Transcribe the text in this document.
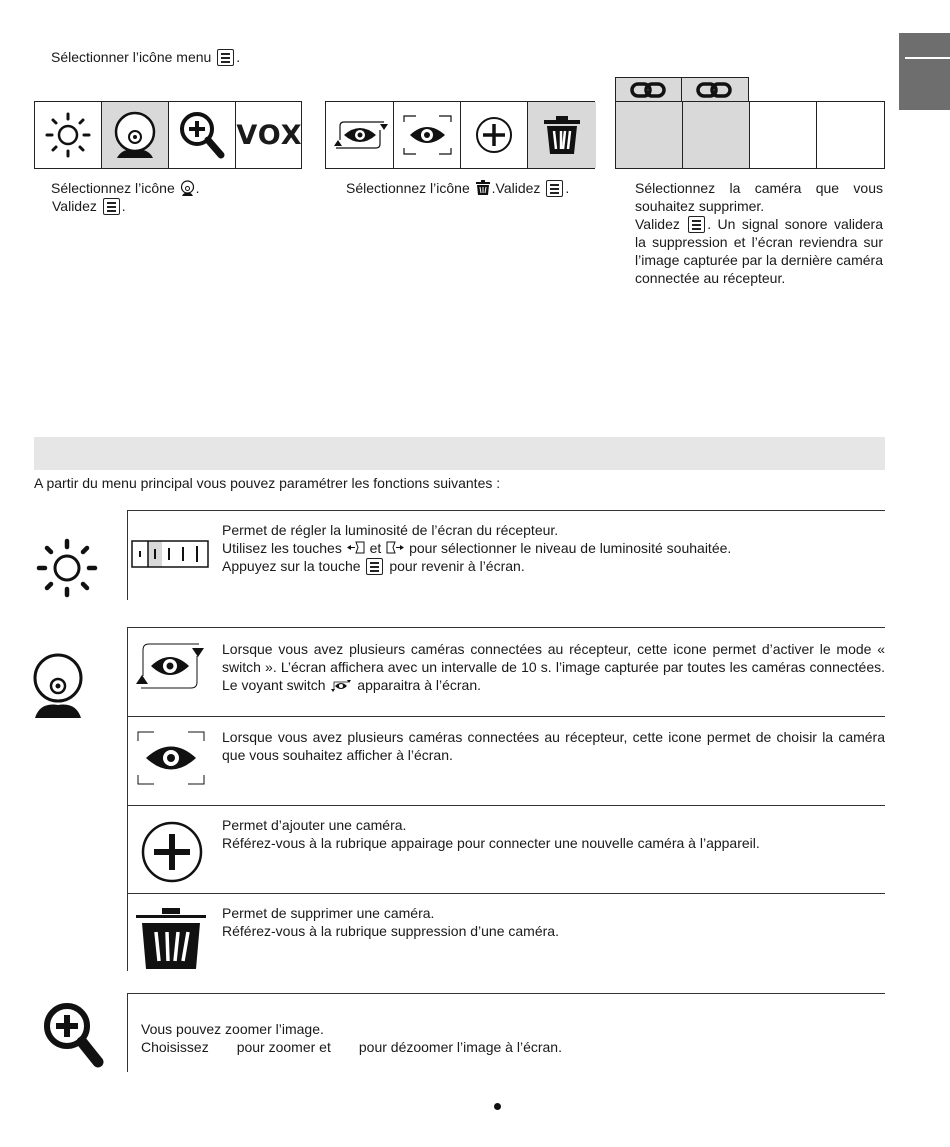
Sélectionner l’icône menu .
VOX
Sélectionnez l’icône .
Validez .
Sélectionnez l’icône .Validez .	Sélectionnez la caméra que vous souhaitez supprimer.
Validez . Un signal sonore validera la suppression et l’écran reviendra sur l’image capturée par la dernière caméra connectée au récepteur.
A partir du menu principal vous pouvez paramétrer les fonctions suivantes :
Permet de régler la luminosité de l’écran du récepteur.
Utilisez les touches et pour sélectionner le niveau de luminosité souhaitée.
Appuyez sur la touche pour revenir à l’écran.
Lorsque vous avez plusieurs caméras connectées au récepteur, cette icone permet d’activer le mode « switch ». L’écran affichera avec un intervalle de 10 s. l’image capturée par toutes les caméras connectées. Le voyant switch apparaitra à l’écran.
Lorsque vous avez plusieurs caméras connectées au récepteur, cette icone permet de choisir la caméra que vous souhaitez afficher à l’écran.
Permet d’ajouter une caméra.
Référez-vous à la rubrique appairage pour connecter une nouvelle caméra à l’appareil.
Permet de supprimer une caméra.
Référez-vous à la rubrique suppression d’une caméra.
Vous pouvez zoomer l’image.
Choisissez pour zoomer et pour dézoomer l’image à l’écran.
